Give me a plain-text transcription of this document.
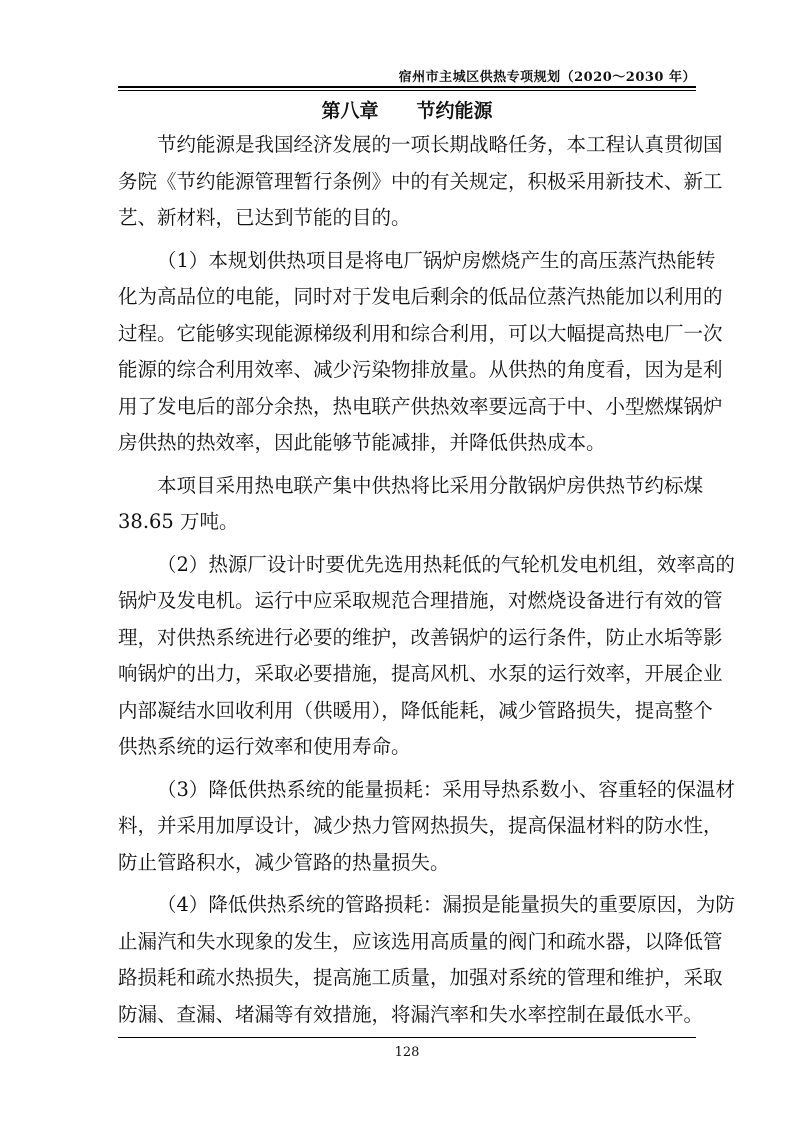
宿州市主城区供热专项规划（2020～2030 年）
第八章　　节约能源
节约能源是我国经济发展的一项长期战略任务，本工程认真贯彻国
务院《节约能源管理暂行条例》中的有关规定，积极采用新技术、新工
艺、新材料，已达到节能的目的。
（1）本规划供热项目是将电厂锅炉房燃烧产生的高压蒸汽热能转
化为高品位的电能，同时对于发电后剩余的低品位蒸汽热能加以利用的
过程。它能够实现能源梯级利用和综合利用，可以大幅提高热电厂一次
能源的综合利用效率、减少污染物排放量。从供热的角度看，因为是利
用了发电后的部分余热，热电联产供热效率要远高于中、小型燃煤锅炉
房供热的热效率，因此能够节能减排，并降低供热成本。
本项目采用热电联产集中供热将比采用分散锅炉房供热节约标煤
38.65 万吨。
（2）热源厂设计时要优先选用热耗低的气轮机发电机组，效率高的
锅炉及发电机。运行中应采取规范合理措施，对燃烧设备进行有效的管
理，对供热系统进行必要的维护，改善锅炉的运行条件，防止水垢等影
响锅炉的出力，采取必要措施，提高风机、水泵的运行效率，开展企业
内部凝结水回收利用（供暖用），降低能耗，减少管路损失，提高整个
供热系统的运行效率和使用寿命。
（3）降低供热系统的能量损耗：采用导热系数小、容重轻的保温材
料，并采用加厚设计，减少热力管网热损失，提高保温材料的防水性，
防止管路积水，减少管路的热量损失。
（4）降低供热系统的管路损耗：漏损是能量损失的重要原因，为防
止漏汽和失水现象的发生，应该选用高质量的阀门和疏水器，以降低管
路损耗和疏水热损失，提高施工质量，加强对系统的管理和维护，采取
防漏、查漏、堵漏等有效措施，将漏汽率和失水率控制在最低水平。
128
